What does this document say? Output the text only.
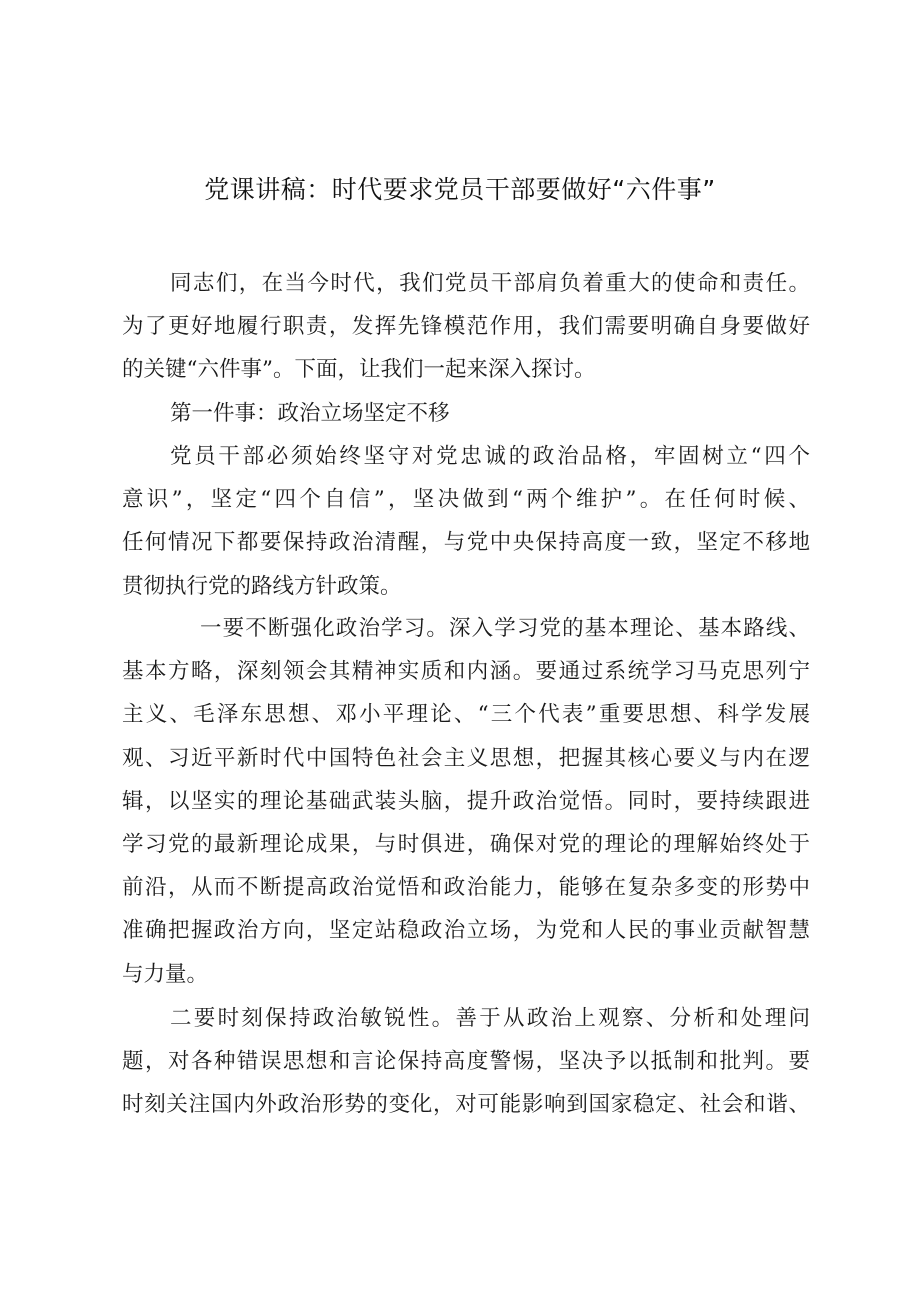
党课讲稿：时代要求党员干部要做好“六件事”
同志们，在当今时代，我们党员干部肩负着重大的使命和责任。
为了更好地履行职责，发挥先锋模范作用，我们需要明确自身要做好
的关键“六件事”。下面，让我们一起来深入探讨。
第一件事：政治立场坚定不移
党员干部必须始终坚守对党忠诚的政治品格，牢固树立“四个
意识”，坚定“四个自信”，坚决做到“两个维护”。在任何时候、
任何情况下都要保持政治清醒，与党中央保持高度一致，坚定不移地
贯彻执行党的路线方针政策。
一要不断强化政治学习。深入学习党的基本理论、基本路线、
基本方略，深刻领会其精神实质和内涵。要通过系统学习马克思列宁
主义、毛泽东思想、邓小平理论、“三个代表”重要思想、科学发展
观、习近平新时代中国特色社会主义思想，把握其核心要义与内在逻
辑，以坚实的理论基础武装头脑，提升政治觉悟。同时，要持续跟进
学习党的最新理论成果，与时俱进，确保对党的理论的理解始终处于
前沿，从而不断提高政治觉悟和政治能力，能够在复杂多变的形势中
准确把握政治方向，坚定站稳政治立场，为党和人民的事业贡献智慧
与力量。
二要时刻保持政治敏锐性。善于从政治上观察、分析和处理问
题，对各种错误思想和言论保持高度警惕，坚决予以抵制和批判。要
时刻关注国内外政治形势的变化，对可能影响到国家稳定、社会和谐、
